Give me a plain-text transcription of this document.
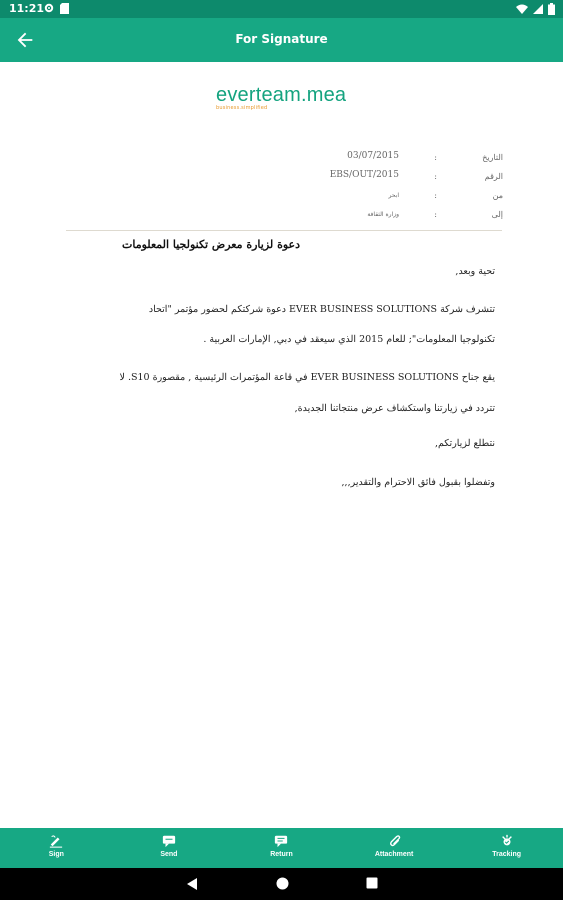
11:21
For Signature
everteam.mea
business.simplified
التاريخ
:
03/07/2015
الرقم
:
EBS/OUT/2015
من
:
ابحر
إلى
:
وزارة الثقافة
دعوة لزيارة معرض تكنولجيا المعلومات
تحية وبعد,
تتشرف شركة EVER BUSINESS SOLUTIONS دعوة شركتكم لحضور مؤتمر "اتحاد
تكنولوجيا المعلومات"; للعام 2015 الذي سيعقد في دبي, الإمارات العربية .
يقع جناح EVER BUSINESS SOLUTIONS في قاعة المؤتمرات الرئيسية , مقصورة S10. لا
تتردد في زيارتنا واستكشاف عرض منتجاتنا الجديدة,
نتطلع لزيارتكم,
وتفضلوا بقبول فائق الاحترام والتقدير,,,
Sign	Send	Return	Attachment	Tracking
